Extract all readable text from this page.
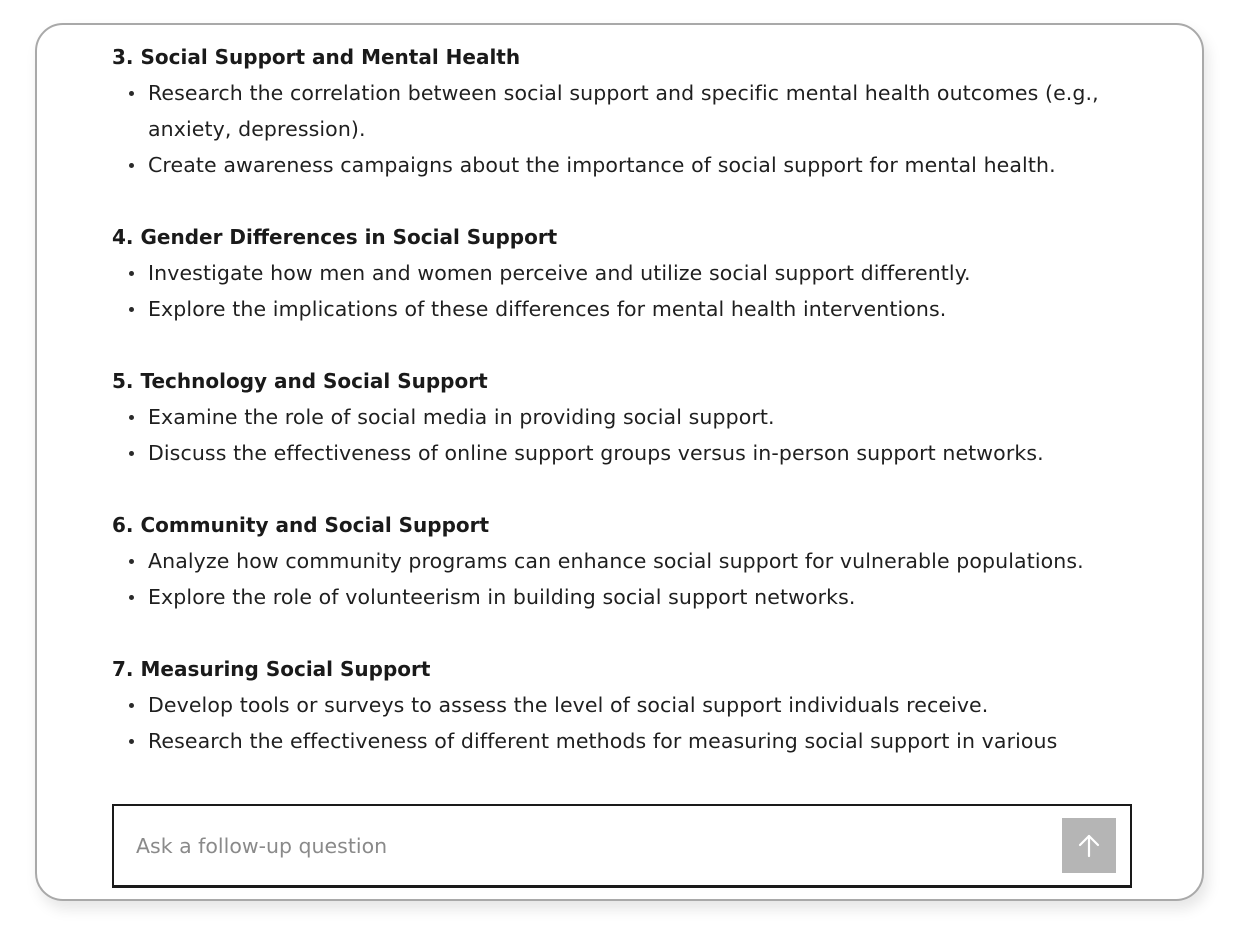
3. Social Support and Mental Health

Research the correlation between social support and specific mental health outcomes (e.g., anxiety, depression).
Create awareness campaigns about the importance of social support for mental health.

4. Gender Differences in Social Support

Investigate how men and women perceive and utilize social support differently.
Explore the implications of these differences for mental health interventions.

5. Technology and Social Support

Examine the role of social media in providing social support.
Discuss the effectiveness of online support groups versus in-person support networks.

6. Community and Social Support

Analyze how community programs can enhance social support for vulnerable populations.
Explore the role of volunteerism in building social support networks.

7. Measuring Social Support

Develop tools or surveys to assess the level of social support individuals receive.
Research the effectiveness of different methods for measuring social support in various
Ask a follow-up question
